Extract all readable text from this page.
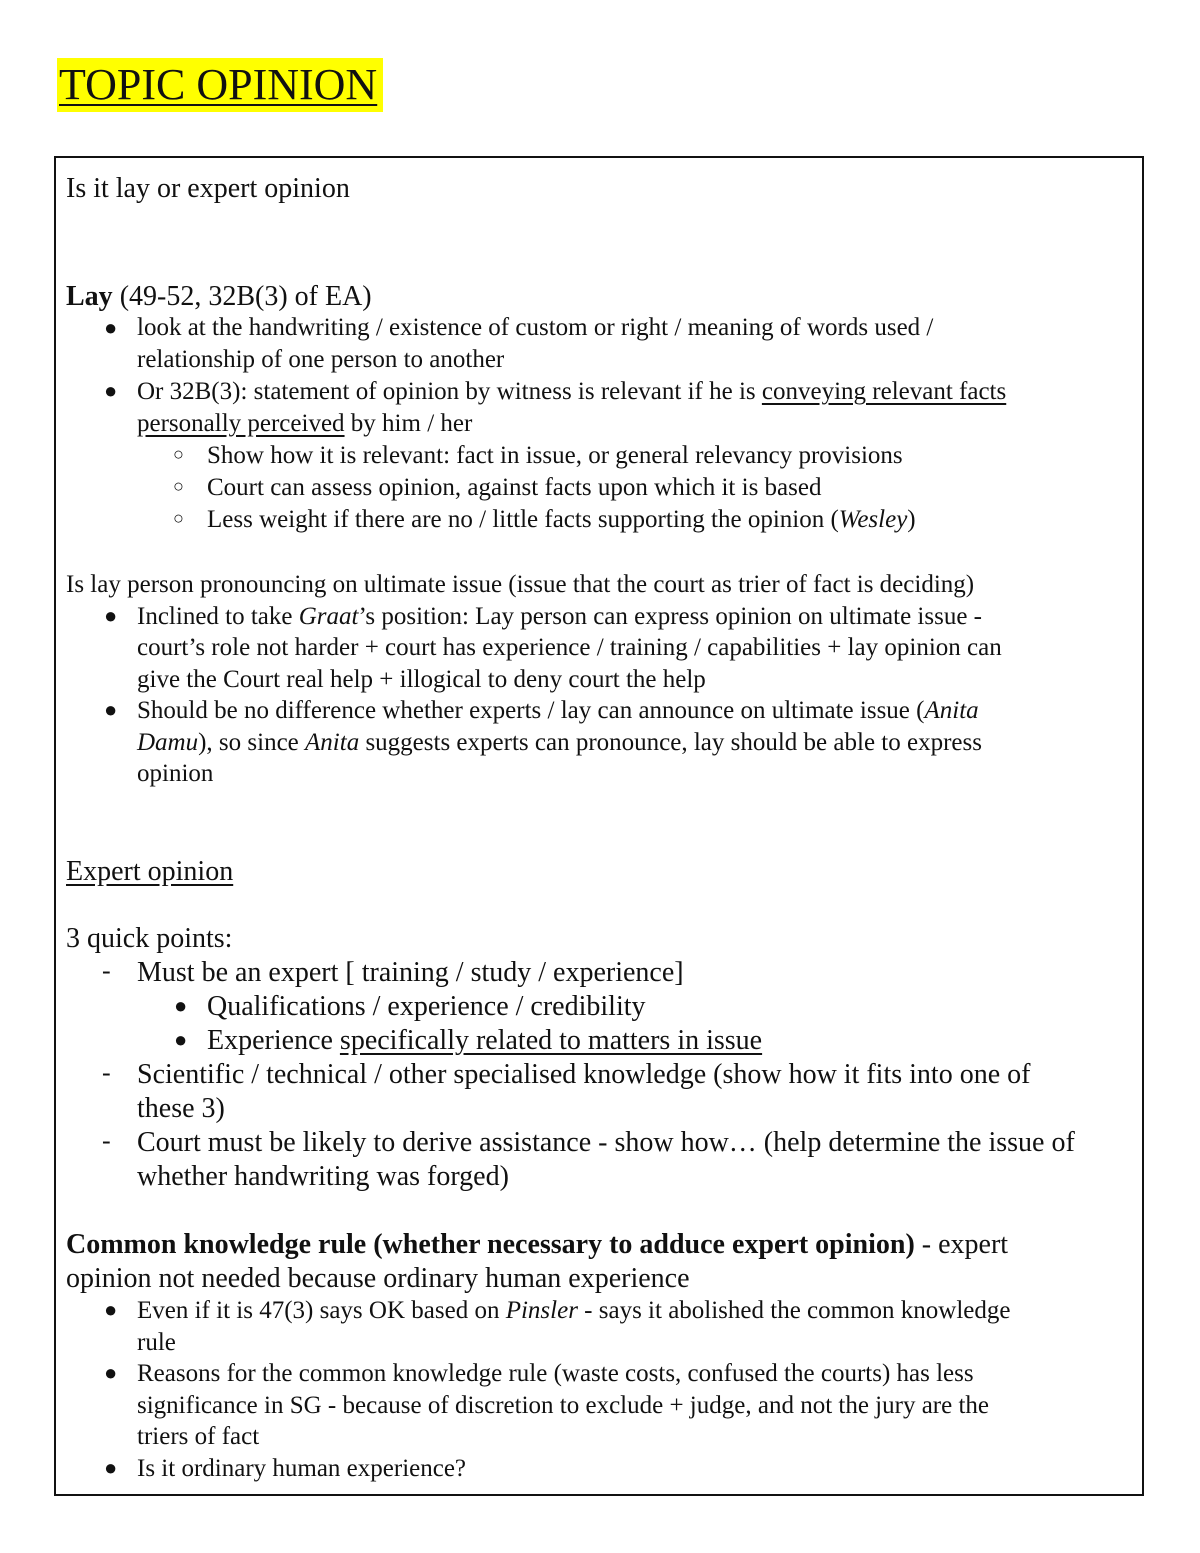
TOPIC OPINION
Is it lay or expert opinion
Lay (49-52, 32B(3) of EA)
● look at the handwriting / existence of custom or right / meaning of words used /
relationship of one person to another
● Or 32B(3): statement of opinion by witness is relevant if he is conveying relevant facts
personally perceived by him / her
○ Show how it is relevant: fact in issue, or general relevancy provisions
○ Court can assess opinion, against facts upon which it is based
○ Less weight if there are no / little facts supporting the opinion (Wesley)
Is lay person pronouncing on ultimate issue (issue that the court as trier of fact is deciding)
● Inclined to take Graat’s position: Lay person can express opinion on ultimate issue -
court’s role not harder + court has experience / training / capabilities + lay opinion can
give the Court real help + illogical to deny court the help
● Should be no difference whether experts / lay can announce on ultimate issue (Anita
Damu), so since Anita suggests experts can pronounce, lay should be able to express
opinion
Expert opinion
3 quick points:
- Must be an expert [ training / study / experience]
● Qualifications / experience / credibility
● Experience specifically related to matters in issue
- Scientific / technical / other specialised knowledge (show how it fits into one of
these 3)
- Court must be likely to derive assistance - show how… (help determine the issue of
whether handwriting was forged)
Common knowledge rule (whether necessary to adduce expert opinion) - expert
opinion not needed because ordinary human experience
● Even if it is 47(3) says OK based on Pinsler - says it abolished the common knowledge
rule
● Reasons for the common knowledge rule (waste costs, confused the courts) has less
significance in SG - because of discretion to exclude + judge, and not the jury are the
triers of fact
● Is it ordinary human experience?
